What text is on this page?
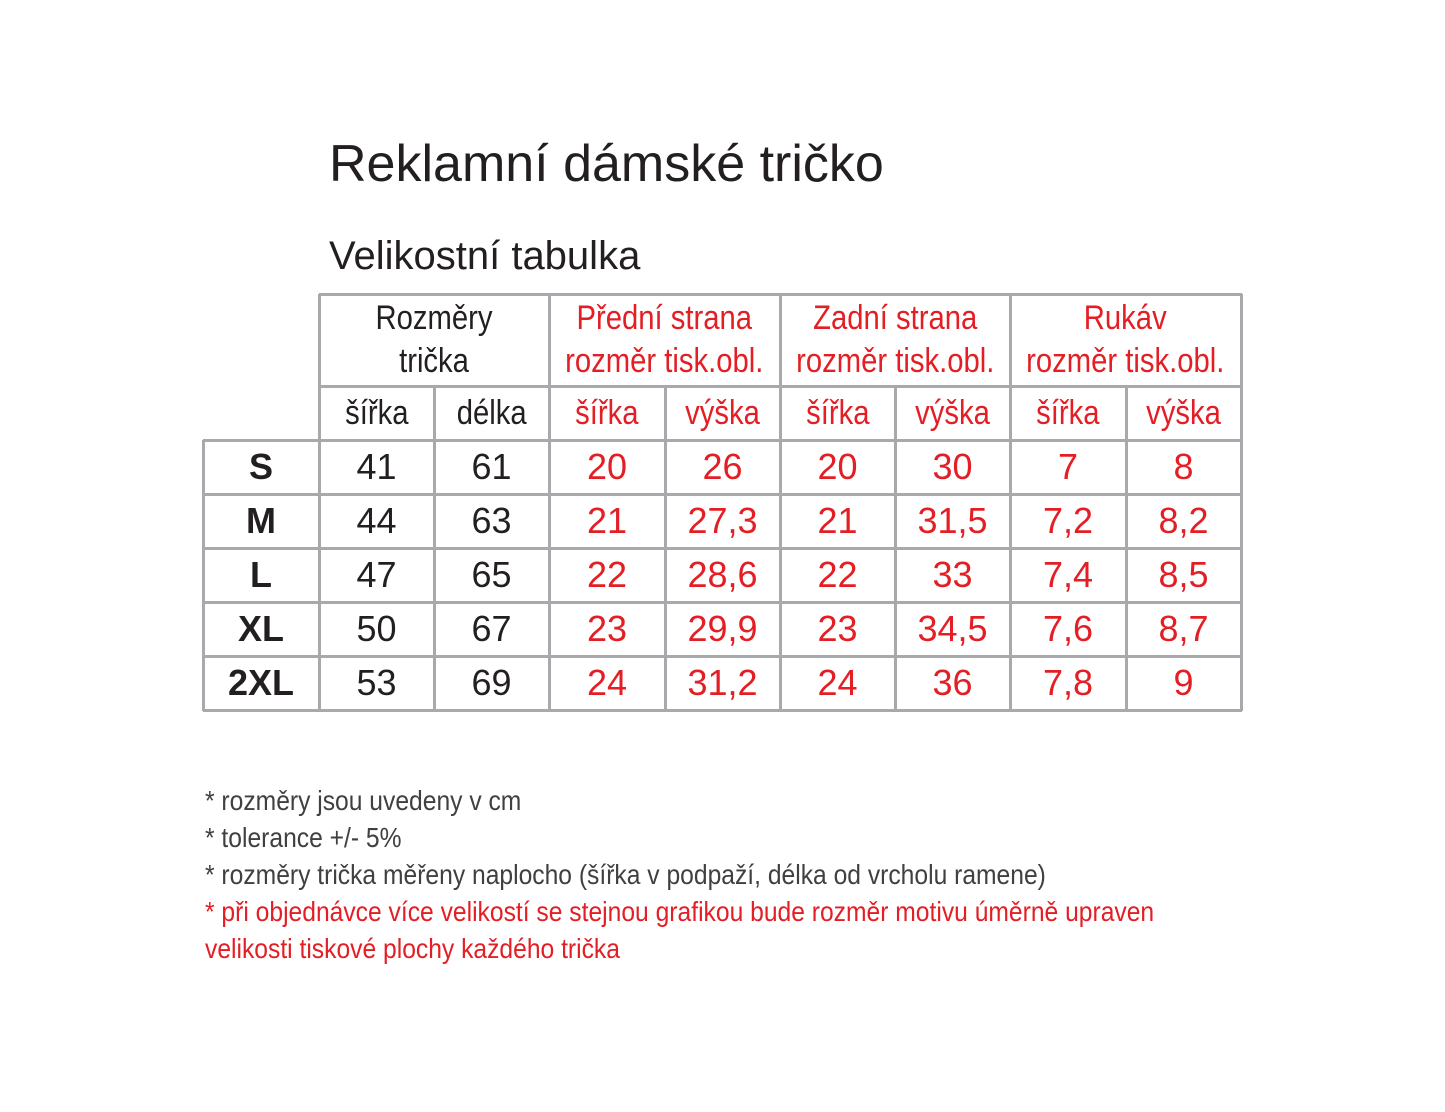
Reklamní dámské tričko
Velikostní tabulka
Rozměry
trička
Přední strana
rozměr tisk.obl.
Zadní strana
rozměr tisk.obl.
Rukáv
rozměr tisk.obl.
šířka délka šířka výška šířka výška šířka výška
S 41 61 20 26 20 30 7	8
M 44 63 21 27,3 21 31,5 7,2 8,2
L 47 65 22 28,6 22 33 7,4 8,5
XL 50 67 23 29,9 23 34,5 7,6 8,7
2XL 53 69 24 31,2 24 36 7,8 9
* rozměry jsou uvedeny v cm
* tolerance +/- 5%
* rozměry trička měřeny naplocho (šířka v podpaží, délka od vrcholu ramene)
* při objednávce více velikostí se stejnou grafikou bude rozměr motivu úměrně upraven
velikosti tiskové plochy každého trička
